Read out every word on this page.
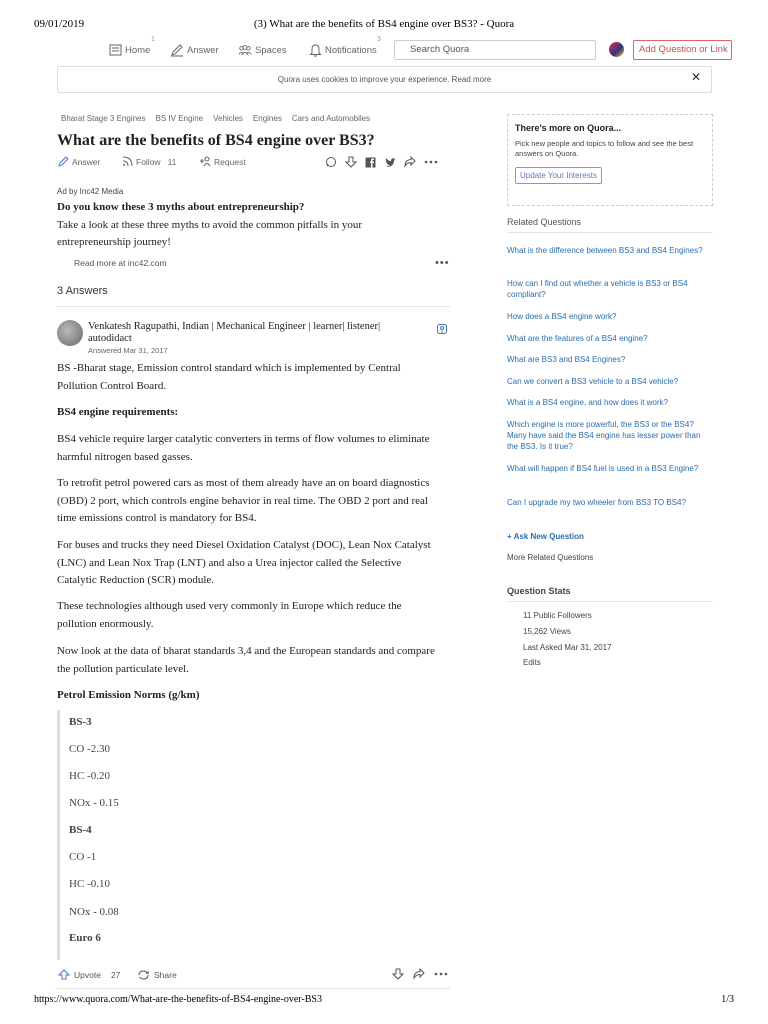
09/01/2019	(3) What are the benefits of BS4 engine over BS3? - Quora
Home
1
Answer	Spaces	Notifications
3
Search Quora	Add Question or Link
Quora uses cookies to improve your experience. Read more	✕
Bharat Stage 3 Engines BS IV Engine Vehicles Engines Cars and Automobiles
What are the benefits of BS4 engine over BS3?
Answer	Follow 11	Request
Ad by Inc42 Media
Do you know these 3 myths about entrepreneurship?
Take a look at these three myths to avoid the common pitfalls in your entrepreneurship journey!
Read more at inc42.com	•••
3 Answers
Venkatesh Ragupathi, Indian | Mechanical Engineer | learner| listener| autodidact
Answered Mar 31, 2017
BS -Bharat stage, Emission control standard which is implemented by Central Pollution Control Board.
BS4 engine requirements:
BS4 vehicle require larger catalytic converters in terms of flow volumes to eliminate harmful nitrogen based gasses.
To retrofit petrol powered cars as most of them already have an on board diagnostics (OBD) 2 port, which controls engine behavior in real time. The OBD 2 port and real time emissions control is mandatory for BS4.
For buses and trucks they need Diesel Oxidation Catalyst (DOC), Lean Nox Catalyst (LNC) and Lean Nox Trap (LNT) and also a Urea injector called the Selective Catalytic Reduction (SCR) module.
These technologies although used very commonly in Europe which reduce the pollution enormously.
Now look at the data of bharat standards 3,4 and the European standards and compare the pollution particulate level.
Petrol Emission Norms (g/km)
BS-3
CO -2.30
HC -0.20
NOx - 0.15
BS-4
CO -1
HC -0.10
NOx - 0.08
Euro 6
Upvote 27	Share
There's more on Quora...
Pick new people and topics to follow and see the best answers on Quora.
Update Your Interests
Related Questions
What is the difference between BS3 and BS4 Engines?
How can I find out whether a vehicle is BS3 or BS4 compliant?
How does a BS4 engine work?
What are the features of a BS4 engine?
What are BS3 and BS4 Engines?
Can we convert a BS3 vehicle to a BS4 vehicle?
What is a BS4 engine, and how does it work?
Which engine is more powerful, the BS3 or the BS4? Many have said the BS4 engine has lesser power than the BS3. Is it true?
What will happen if BS4 fuel is used in a BS3 Engine?
Can I upgrade my two wheeler from BS3 TO BS4?
+ Ask New Question
More Related Questions
Question Stats
11 Public Followers
15,262 Views
Last Asked Mar 31, 2017
Edits
https://www.quora.com/What-are-the-benefits-of-BS4-engine-over-BS3	1/3
